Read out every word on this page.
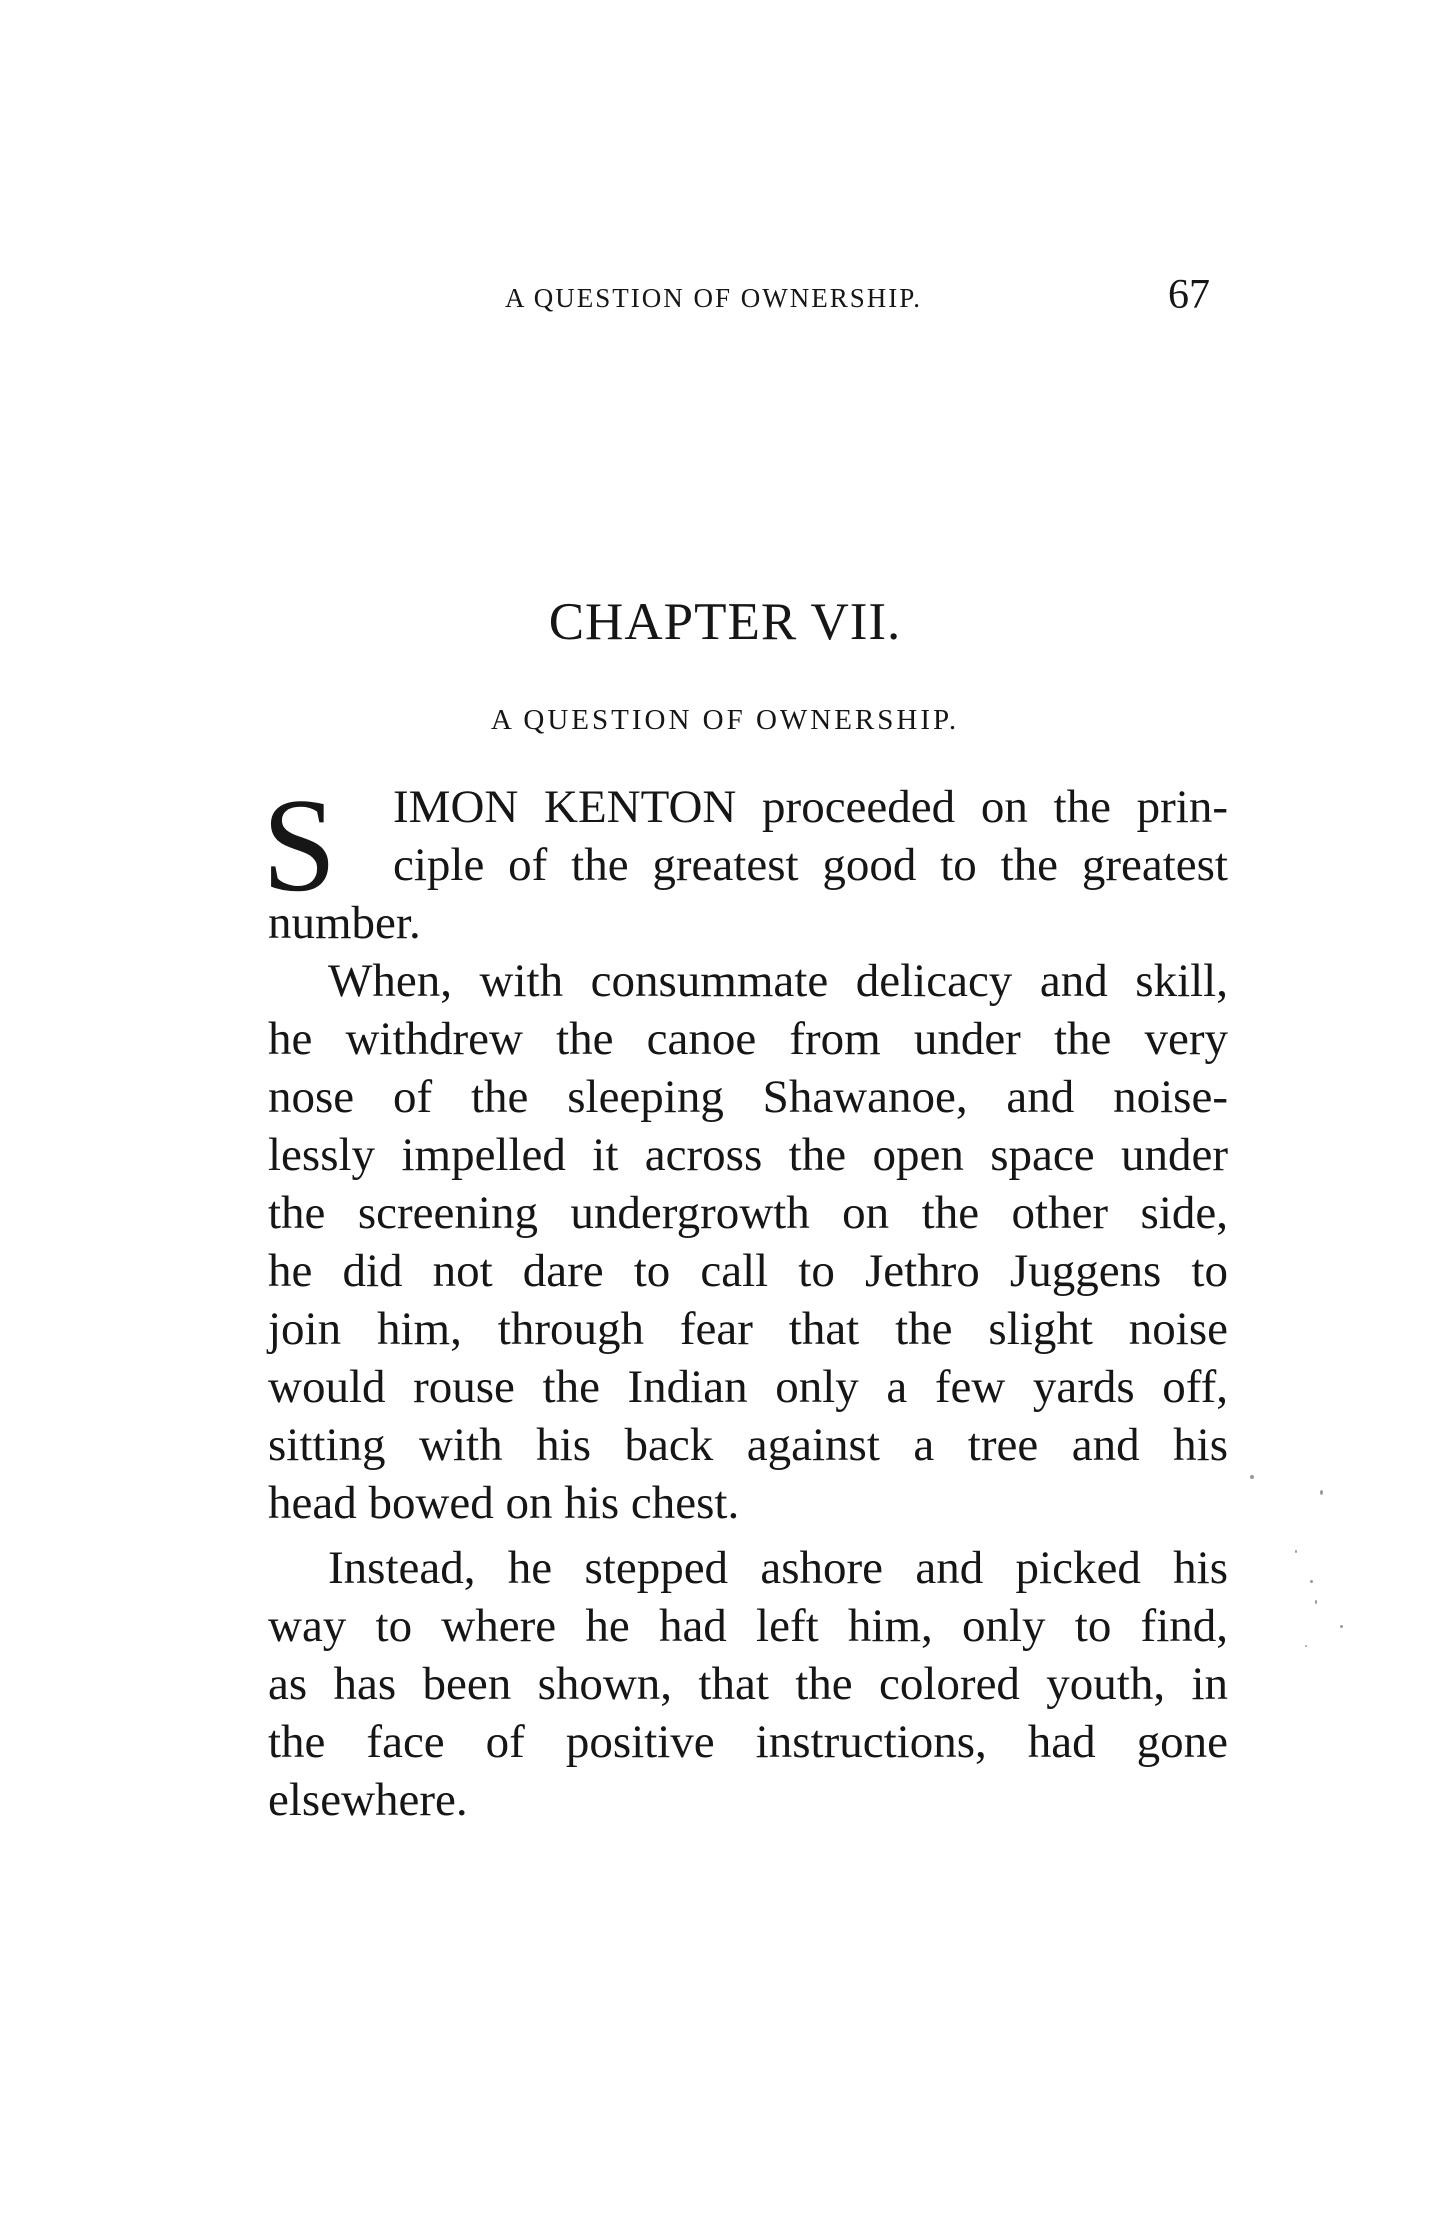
A QUESTION OF OWNERSHIP.	67
CHAPTER VII.
A QUESTION OF OWNERSHIP.
S	IMON KENTON proceeded on the prin-
ciple of the greatest good to the greatest
number.
When, with consummate delicacy and skill,
he withdrew the canoe from under the very
nose of the sleeping Shawanoe, and noise-
lessly impelled it across the open space under
the screening undergrowth on the other side,
he did not dare to call to Jethro Juggens to
join him, through fear that the slight noise
would rouse the Indian only a few yards off,
sitting with his back against a tree and his
head bowed on his chest.
Instead, he stepped ashore and picked his
way to where he had left him, only to find,
as has been shown, that the colored youth, in
the face of positive instructions, had gone
elsewhere.
